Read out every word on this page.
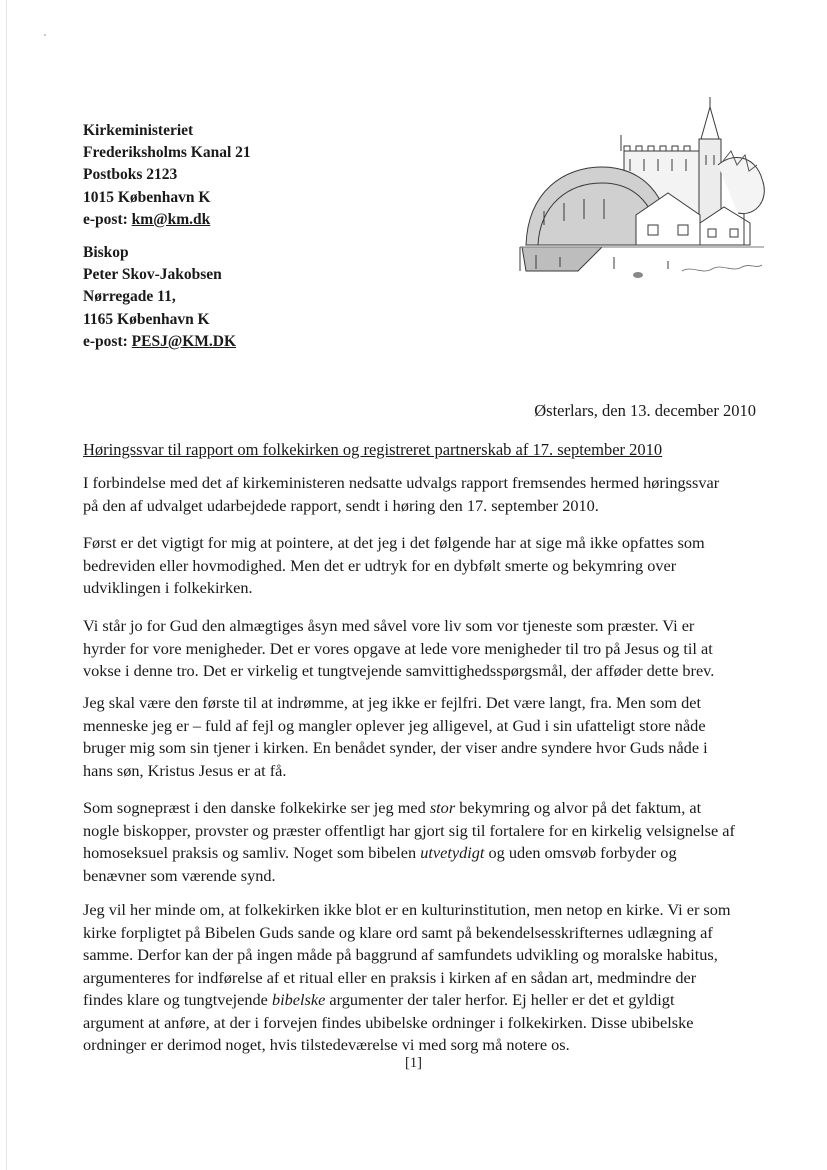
Kirkeministeriet
Frederiksholms Kanal 21
Postboks 2123
1015 København K
e-post: km@km.dk
Biskop
Peter Skov-Jakobsen
Nørregade 11,
1165 København K
e-post: PESJ@KM.DK
Østerlars, den 13. december 2010
Høringssvar til rapport om folkekirken og registreret partnerskab af 17. september 2010

I forbindelse med det af kirkeministeren nedsatte udvalgs rapport fremsendes hermed høringssvar
på den af udvalget udarbejdede rapport, sendt i høring den 17. september 2010.

Først er det vigtigt for mig at pointere, at det jeg i det følgende har at sige må ikke opfattes som
bedreviden eller hovmodighed. Men det er udtryk for en dybfølt smerte og bekymring over
udviklingen i folkekirken.

Vi står jo for Gud den almægtiges åsyn med såvel vore liv som vor tjeneste som præster. Vi er
hyrder for vore menigheder. Det er vores opgave at lede vore menigheder til tro på Jesus og til at
vokse i denne tro. Det er virkelig et tungtvejende samvittighedsspørgsmål, der afføder dette brev.

Jeg skal være den første til at indrømme, at jeg ikke er fejlfri. Det være langt, fra. Men som det
menneske jeg er – fuld af fejl og mangler oplever jeg alligevel, at Gud i sin ufatteligt store nåde
bruger mig som sin tjener i kirken. En benådet synder, der viser andre syndere hvor Guds nåde i
hans søn, Kristus Jesus er at få.

Som sognepræst i den danske folkekirke ser jeg med stor bekymring og alvor på det faktum, at
nogle biskopper, provster og præster offentligt har gjort sig til fortalere for en kirkelig velsignelse af
homoseksuel praksis og samliv. Noget som bibelen utvetydigt og uden omsvøb forbyder og
benævner som værende synd.

Jeg vil her minde om, at folkekirken ikke blot er en kulturinstitution, men netop en kirke. Vi er som
kirke forpligtet på Bibelen Guds sande og klare ord samt på bekendelsesskrifternes udlægning af
samme. Derfor kan der på ingen måde på baggrund af samfundets udvikling og moralske habitus,
argumenteres for indførelse af et ritual eller en praksis i kirken af en sådan art, medmindre der
findes klare og tungtvejende bibelske argumenter der taler herfor. Ej heller er det et gyldigt
argument at anføre, at der i forvejen findes ubibelske ordninger i folkekirken. Disse ubibelske
ordninger er derimod noget, hvis tilstedeværelse vi med sorg må notere os.

[1]
